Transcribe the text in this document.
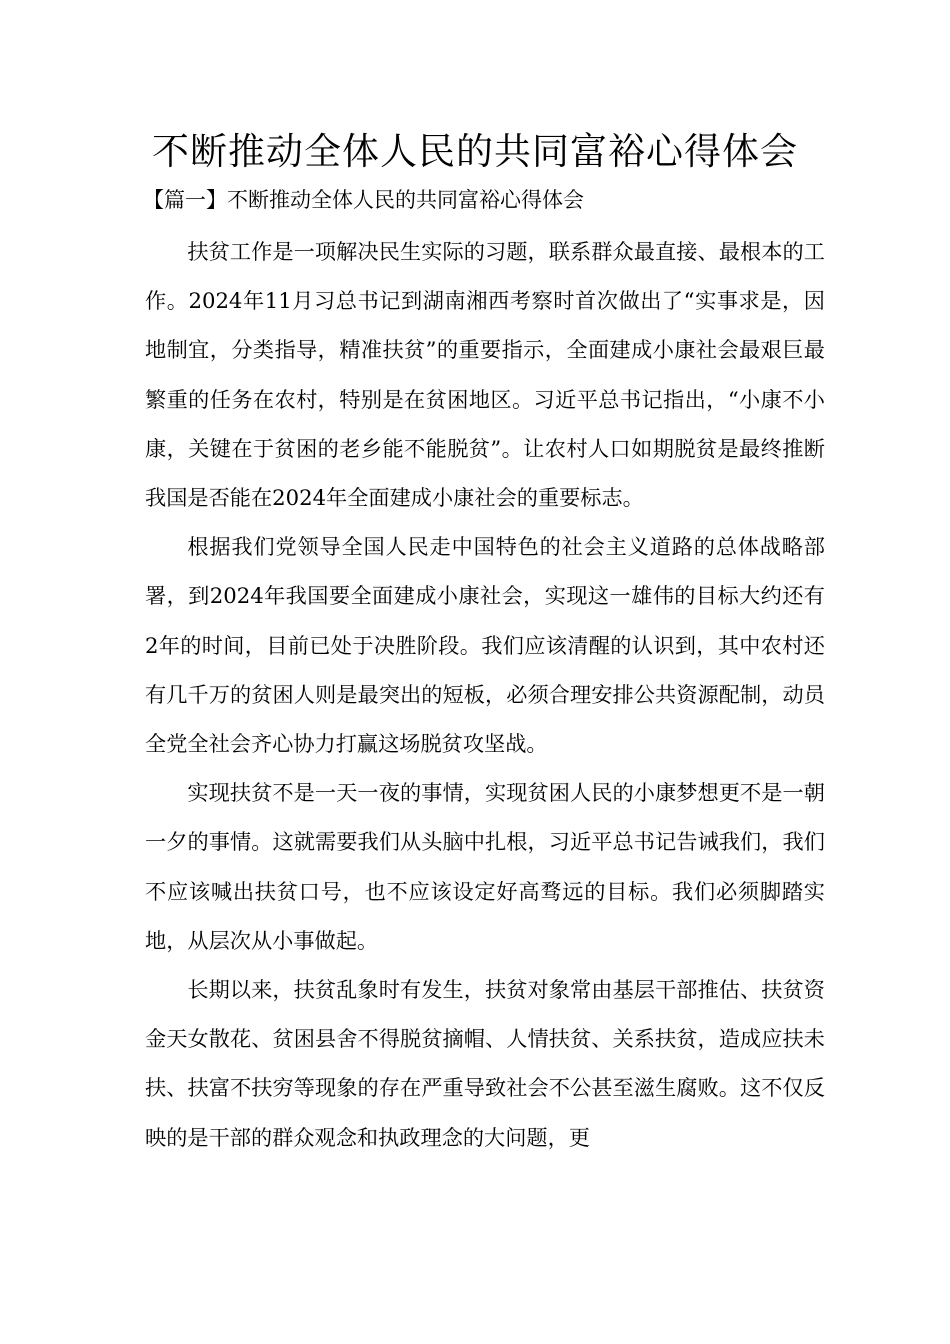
不断推动全体人民的共同富裕心得体会
【篇一】不断推动全体人民的共同富裕心得体会

扶贫工作是一项解决民生实际的习题，联系群众最直接、最根本的工作。2024年11月习总书记到湖南湘西考察时首次做出了“实事求是，因地制宜，分类指导，精准扶贫”的重要指示，全面建成小康社会最艰巨最繁重的任务在农村，特别是在贫困地区。习近平总书记指出，“小康不小康，关键在于贫困的老乡能不能脱贫”。让农村人口如期脱贫是最终推断我国是否能在2024年全面建成小康社会的重要标志。

根据我们党领导全国人民走中国特色的社会主义道路的总体战略部署，到2024年我国要全面建成小康社会，实现这一雄伟的目标大约还有2年的时间，目前已处于决胜阶段。我们应该清醒的认识到，其中农村还有几千万的贫困人则是最突出的短板，必须合理安排公共资源配制，动员全党全社会齐心协力打赢这场脱贫攻坚战。

实现扶贫不是一天一夜的事情，实现贫困人民的小康梦想更不是一朝一夕的事情。这就需要我们从头脑中扎根，习近平总书记告诫我们，我们不应该喊出扶贫口号，也不应该设定好高骛远的目标。我们必须脚踏实地，从层次从小事做起。

长期以来，扶贫乱象时有发生，扶贫对象常由基层干部推估、扶贫资金天女散花、贫困县舍不得脱贫摘帽、人情扶贫、关系扶贫，造成应扶未扶、扶富不扶穷等现象的存在严重导致社会不公甚至滋生腐败。这不仅反映的是干部的群众观念和执政理念的大问题，更
